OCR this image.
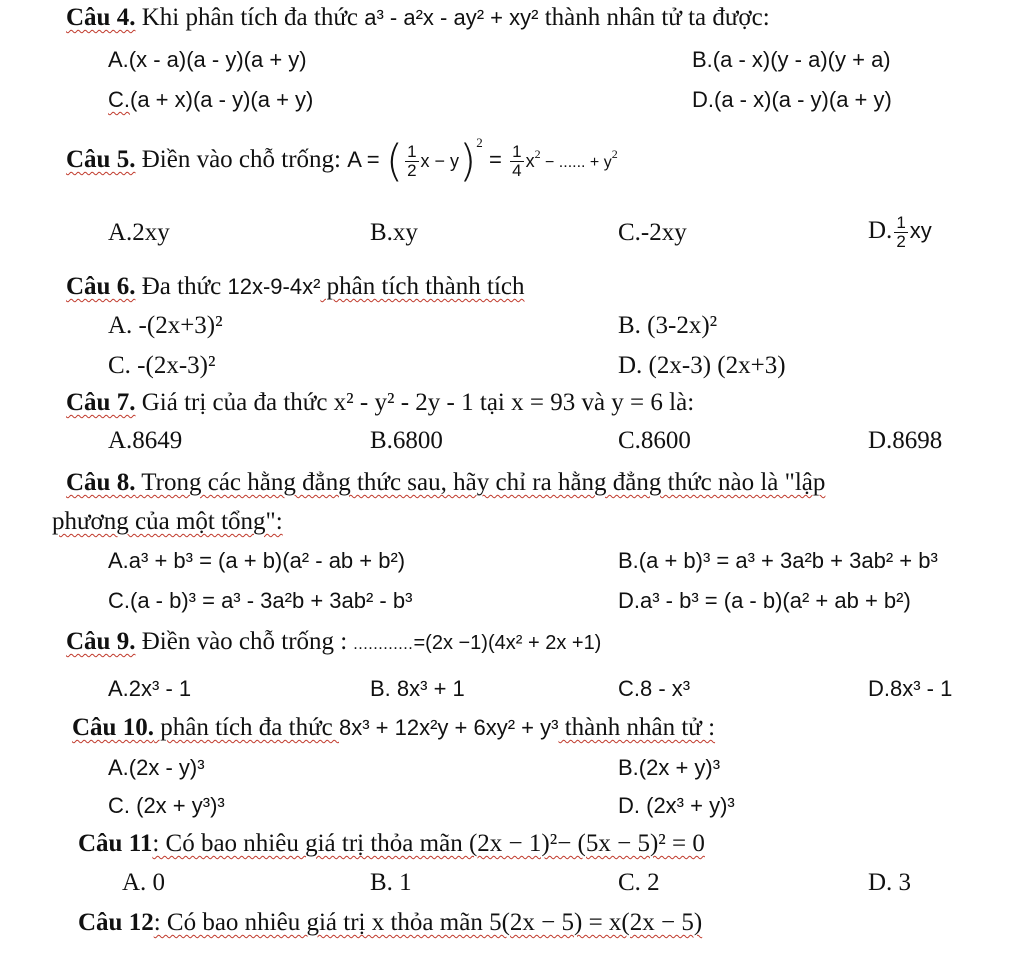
Câu 4. Khi phân tích đa thức a³ - a²x - ay² + xy² thành nhân tử ta được:
A.(x - a)(a - y)(a + y)	B.(a - x)(y - a)(y + a)
C.(a + x)(a - y)(a + y)	D.(a - x)(a - y)(a + y)
Câu 5. Điền vào chỗ trống: A = ( $\frac{1}{2}$ $x - y)^2 = \frac{1}{4} x^2$ − ...... + $y^2$
A.2xy	B.xy	C.-2xy	D. $\frac{1}{2}$ xy
Câu 6. Đa thức 12x-9-4x² phân tích thành tích
A. -(2x+3)²	B. (3-2x)²
C. -(2x-3)²	D. (2x-3) (2x+3)
Câu 7. Giá trị của đa thức x² - y² - 2y - 1 tại x = 93 và y = 6 là:
A.8649	B.6800	C.8600	D.8698
Câu 8. Trong các hằng đẳng thức sau, hãy chỉ ra hằng đẳng thức nào là "lập
phương của một tổng":
A.a³ + b³ = (a + b)(a² - ab + b²)	B.(a + b)³ = a³ + 3a²b + 3ab² + b³
C.(a - b)³ = a³ - 3a²b + 3ab² - b³	D.a³ - b³ = (a - b)(a² + ab + b²)
Câu 9. Điền vào chỗ trống : ............=(2x −1)(4x² + 2x +1)
A.2x³ - 1	B. 8x³ + 1	C.8 - x³	D.8x³ - 1
Câu 10. phân tích đa thức 8x³ + 12x²y + 6xy² + y³ thành nhân tử :
A.(2x - y)³	B.(2x + y)³
C. (2x + y³)³	D. (2x³ + y)³
Câu 11: Có bao nhiêu giá trị thỏa mãn (2x − 1)²− (5x − 5)² = 0
A. 0	B. 1	C. 2	D. 3
Câu 12: Có bao nhiêu giá trị x thỏa mãn 5(2x − 5) = x(2x − 5)
